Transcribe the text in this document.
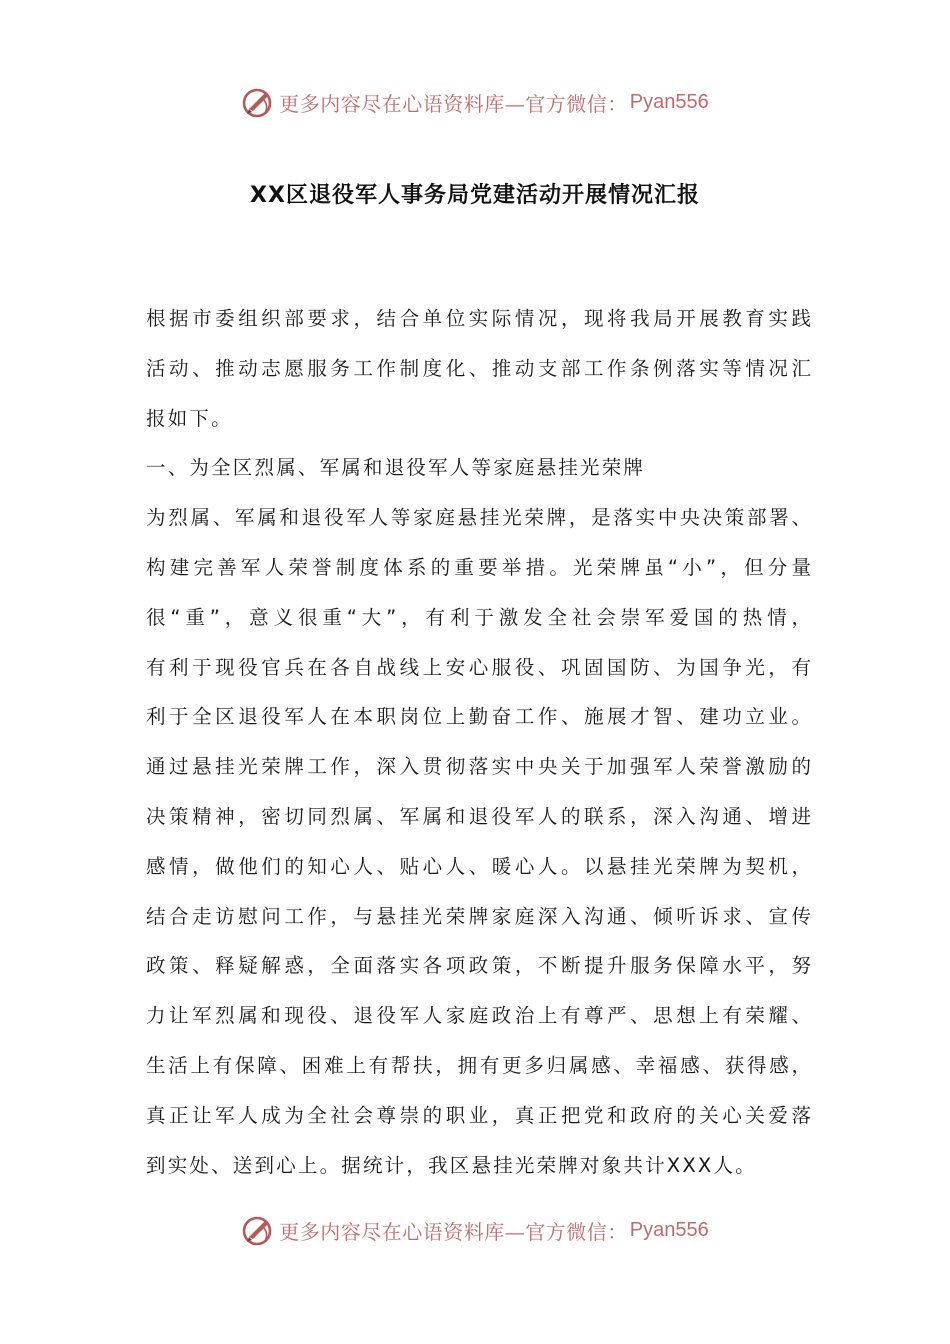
更多内容尽在心语资料库—官方微信： Pyan556
XX区退役军人事务局党建活动开展情况汇报
根据市委组织部要求，结合单位实际情况，现将我局开展教育实践
活动、推动志愿服务工作制度化、推动支部工作条例落实等情况汇
报如下。
一、为全区烈属、军属和退役军人等家庭悬挂光荣牌
为烈属、军属和退役军人等家庭悬挂光荣牌，是落实中央决策部署、
构建完善军人荣誉制度体系的重要举措。光荣牌虽“小”，但分量
很“重”，意义很重“大”，有利于激发全社会崇军爱国的热情，
有利于现役官兵在各自战线上安心服役、巩固国防、为国争光，有
利于全区退役军人在本职岗位上勤奋工作、施展才智、建功立业。
通过悬挂光荣牌工作，深入贯彻落实中央关于加强军人荣誉激励的
决策精神，密切同烈属、军属和退役军人的联系，深入沟通、增进
感情，做他们的知心人、贴心人、暖心人。以悬挂光荣牌为契机，
结合走访慰问工作，与悬挂光荣牌家庭深入沟通、倾听诉求、宣传
政策、释疑解惑，全面落实各项政策，不断提升服务保障水平，努
力让军烈属和现役、退役军人家庭政治上有尊严、思想上有荣耀、
生活上有保障、困难上有帮扶，拥有更多归属感、幸福感、获得感，
真正让军人成为全社会尊崇的职业，真正把党和政府的关心关爱落
到实处、送到心上。据统计，我区悬挂光荣牌对象共计XXX人。
更多内容尽在心语资料库—官方微信： Pyan556
